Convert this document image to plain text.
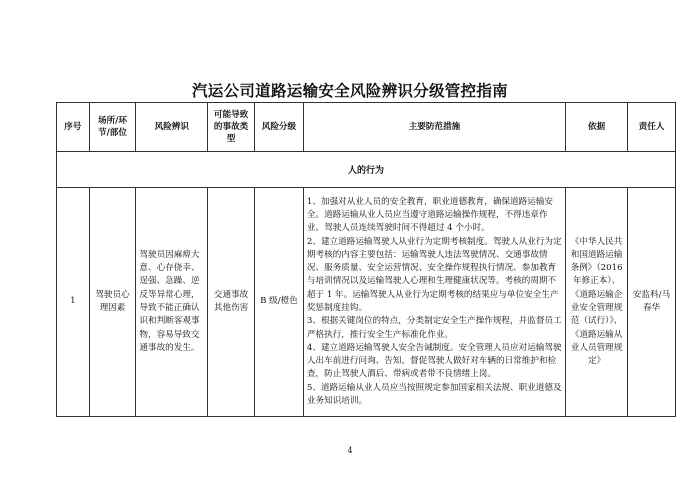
汽运公司道路运输安全风险辨识分级管控指南
序号	场所/环节/部位	风险辨识	可能导致的事故类型	风险分级	主要防范措施	依据	责任人
人的行为							
1	驾驶员心理因素	驾驶员因麻痹大意、心存侥幸、逞强、急躁、逆反等异常心理，导致不能正确认识和判断客观事物，容易导致交通事故的发生。	交通事故其他伤害	B 级/橙色	1、加强对从业人员的安全教育，职业道德教育，确保道路运输安全。道路运输从业人员应当遵守道路运输操作规程，不得违章作业。驾驶人员连续驾驶时间不得超过 4 个小时。
2、建立道路运输驾驶人从业行为定期考核制度。驾驶人从业行为定期考核的内容主要包括：运输驾驶人违法驾驶情况、交通事故情况、服务质量、安全运营情况、安全操作规程执行情况、参加教育与培训情况以及运输驾驶人心理和生理健康状况等。考核的周期不超于 1 年。运输驾驶人从业行为定期考核的结果应与单位安全生产奖惩制度挂钩。
3、根据关键岗位的特点，分类制定安全生产操作规程，并监督员工严格执行，推行安全生产标准化作业。
4、建立道路运输驾驶人安全告诫制度。安全管理人员应对运输驾驶人出车前进行问询、告知，督促驾驶人做好对车辆的日常维护和检查，防止驾驶人酒后、带病或者带不良情绪上岗。
5、道路运输从业人员应当按照规定参加国家相关法规、职业道德及业务知识培训。	《中华人民共和国道路运输条例》（2016 年修正本）、《道路运输企业安全管理规范（试行）》、《道路运输从业人员管理规定》	安监科/马春华
4
